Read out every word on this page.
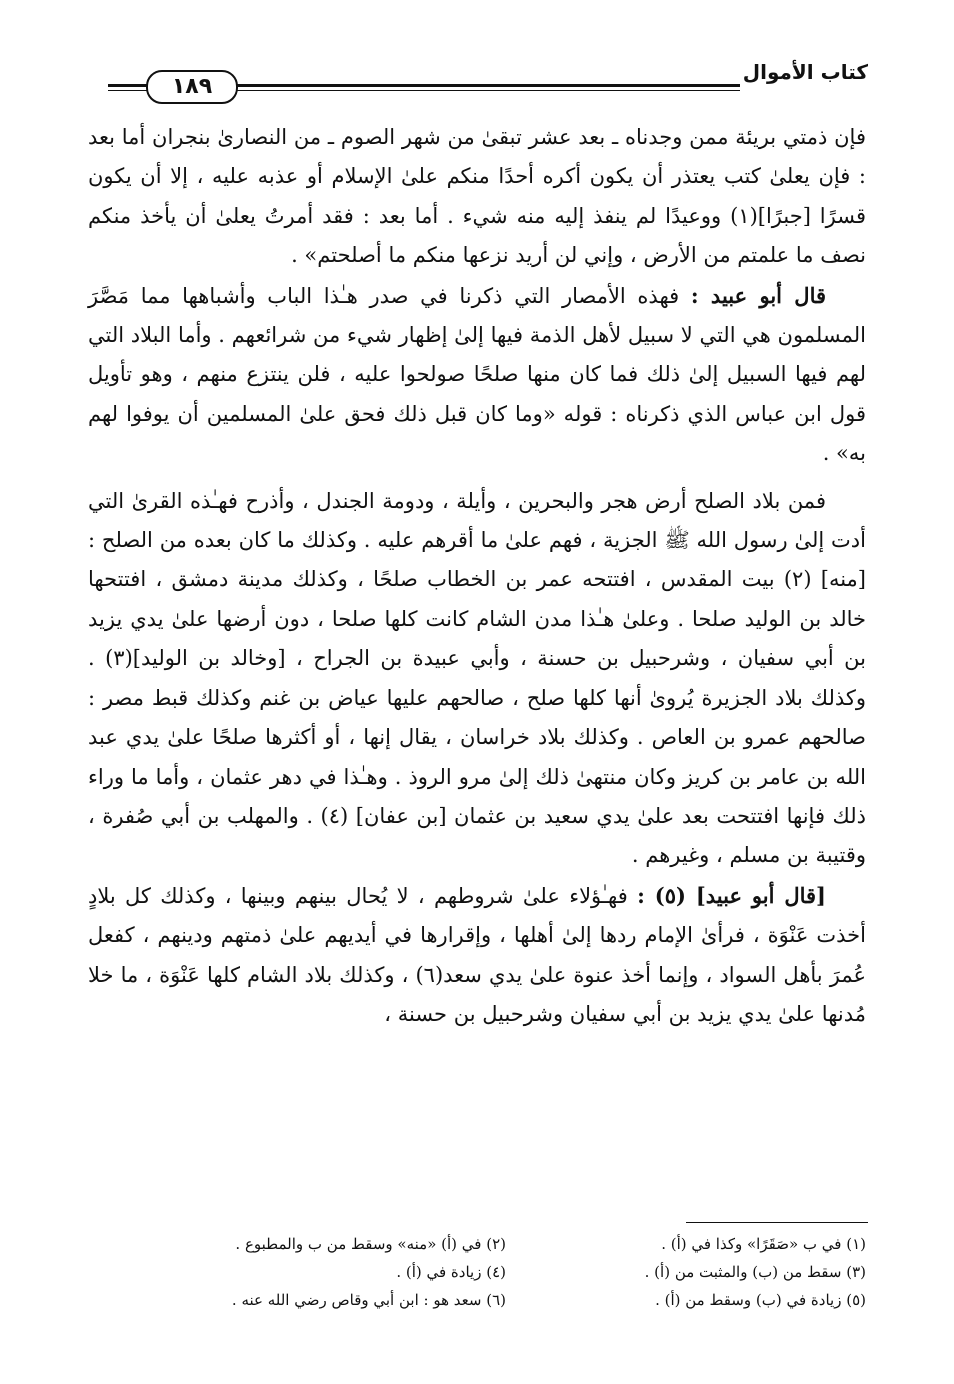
كتاب الأموال
١٨٩

فإن ذمتي بريئة ممن وجدناه ـ بعد عشر تبقىٰ من شهر الصوم ـ من النصارىٰ بنجران أما بعد : فإن يعلىٰ كتب يعتذر أن يكون أكره أحدًا منكم علىٰ الإسلام أو عذبه عليه ، إلا أن يكون قسرًا [جبرًا](١) ووعيدًا لم ينفذ إليه منه شيء . أما بعد : فقد أمرتُ يعلىٰ أن يأخذ منكم نصف ما علمتم من الأرض ، وإني لن أريد نزعها منكم ما أصلحتم» .

قال أبو عبيد : فهذه الأمصار التي ذكرنا في صدر هـٰذا الباب وأشباهها مما مَصَّرَ المسلمون هي التي لا سبيل لأهل الذمة فيها إلىٰ إظهار شيء من شرائعهم . وأما البلاد التي لهم فيها السبيل إلىٰ ذلك فما كان منها صلحًا صولحوا عليه ، فلن ينتزع منهم ، وهو تأويل قول ابن عباس الذي ذكرناه : قوله «وما كان قبل ذلك فحق علىٰ المسلمين أن يوفوا لهم به» .

فمن بلاد الصلح أرض هجر والبحرين ، وأيلة ، ودومة الجندل ، وأذرح فهـٰذه القرىٰ التي أدت إلىٰ رسول الله ﷺ الجزية ، فهم علىٰ ما أقرهم عليه . وكذلك ما كان بعده من الصلح : [منه] (٢) بيت المقدس ، افتتحه عمر بن الخطاب صلحًا ، وكذلك مدينة دمشق ، افتتحها خالد بن الوليد صلحا . وعلىٰ هـٰذا مدن الشام كانت كلها صلحا ، دون أرضها علىٰ يدي يزيد بن أبي سفيان ، وشرحبيل بن حسنة ، وأبي عبيدة بن الجراح ، [وخالد بن الوليد](٣) . وكذلك بلاد الجزيرة يُروىٰ أنها كلها صلح ، صالحهم عليها عياض بن غنم وكذلك قبط مصر : صالحهم عمرو بن العاص . وكذلك بلاد خراسان ، يقال إنها ، أو أكثرها صلحًا علىٰ يدي عبد الله بن عامر بن كريز وكان منتهىٰ ذلك إلىٰ مرو الروذ . وهـٰذا في دهر عثمان ، وأما ما وراء ذلك فإنها افتتحت بعد علىٰ يدي سعيد بن عثمان [بن عفان] (٤) . والمهلب بن أبي صُفرة ، وقتيبة بن مسلم ، وغيرهم .

[قال أبو عبيد] (٥) : فهـٰؤلاء علىٰ شروطهم ، لا يُحال بينهم وبينها ، وكذلك كل بلادٍ أخذت عَنْوَة ، فرأىٰ الإمام ردها إلىٰ أهلها ، وإقرارها في أيديهم علىٰ ذمتهم ودينهم ، كفعل عُمرَ بأهل السواد ، وإنما أخذ عنوة علىٰ يدي سعد(٦) ، وكذلك بلاد الشام كلها عَنْوَة ، ما خلا مُدنها علىٰ يدي يزيد بن أبي سفيان وشرحبيل بن حسنة ،

(١) في ب «صَقَرًا» وكذا في (أ) .
(٣) سقط من (ب) والمثبت من (أ) .
(٥) زيادة في (ب) وسقط من (أ) .
(٢) في (أ) «منه» وسقط من ب والمطبوع .
(٤) زيادة في (أ) .
(٦) سعد هو : ابن أبي وقاص رضي الله عنه .
